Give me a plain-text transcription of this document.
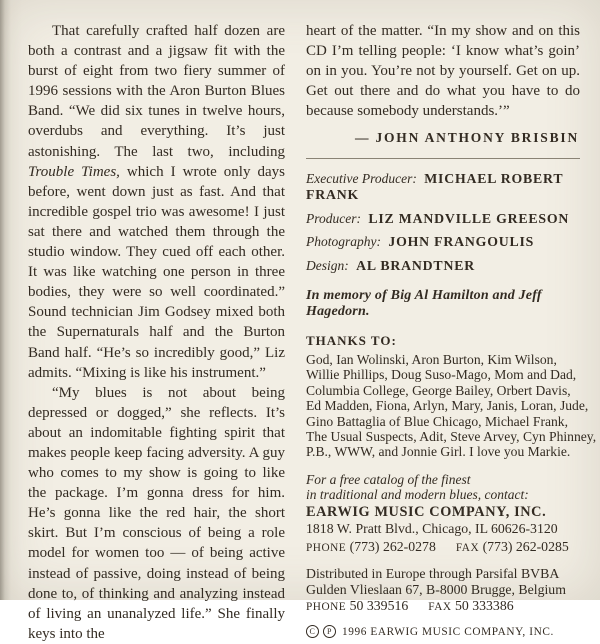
That carefully crafted half dozen are both a contrast and a jigsaw fit with the burst of eight from two fiery summer of 1996 sessions with the Aron Burton Blues Band. “We did six tunes in twelve hours, overdubs and everything. It’s just astonishing. The last two, including Trouble Times, which I wrote only days before, went down just as fast. And that incredible gospel trio was awesome! I just sat there and watched them through the studio window. They cued off each other. It was like watching one person in three bodies, they were so well coordinated.” Sound technician Jim Godsey mixed both the Supernaturals half and the Burton Band half. “He’s so incredibly good,” Liz admits. “Mixing is like his instrument.”

“My blues is not about being depressed or dogged,” she reflects. It’s about an indomitable fighting spirit that makes people keep facing adversity. A guy who comes to my show is going to like the package. I’m gonna dress for him. He’s gonna like the red hair, the short skirt. But I’m conscious of being a role model for women too — of being active instead of passive, doing instead of being done to, of thinking and analyzing instead of living an unanalyzed life.” She finally keys into the

heart of the matter. “In my show and on this CD I’m telling people: ‘I know what’s goin’ on in you. You’re not by yourself. Get on up. Get out there and do what you have to do because somebody understands.’”

— JOHN ANTHONY BRISBIN
Executive Producer: MICHAEL ROBERT FRANK
Producer: LIZ MANDVILLE GREESON
Photography: JOHN FRANGOULIS
Design: AL BRANDTNER

In memory of Big Al Hamilton and Jeff Hagedorn.

THANKS TO:
God, Ian Wolinski, Aron Burton, Kim Wilson,
Willie Phillips, Doug Suso-Mago, Mom and Dad,
Columbia College, George Bailey, Orbert Davis,
Ed Madden, Fiona, Arlyn, Mary, Janis, Loran, Jude,
Gino Battaglia of Blue Chicago, Michael Frank,
The Usual Suspects, Adit, Steve Arvey, Cyn Phinney,
P.B., WWW, and Jonnie Girl. I love you Markie.
For a free catalog of the finest
in traditional and modern blues, contact:
EARWIG MUSIC COMPANY, INC.
1818 W. Pratt Blvd., Chicago, IL 60626-3120
PHONE (773) 262-0278 FAX (773) 262-0285
Distributed in Europe through Parsifal BVBA
Gulden Vlieslaan 67, B-8000 Brugge, Belgium
PHONE 50 339516 FAX 50 333386
C	P 1996 EARWIG MUSIC COMPANY, INC.
